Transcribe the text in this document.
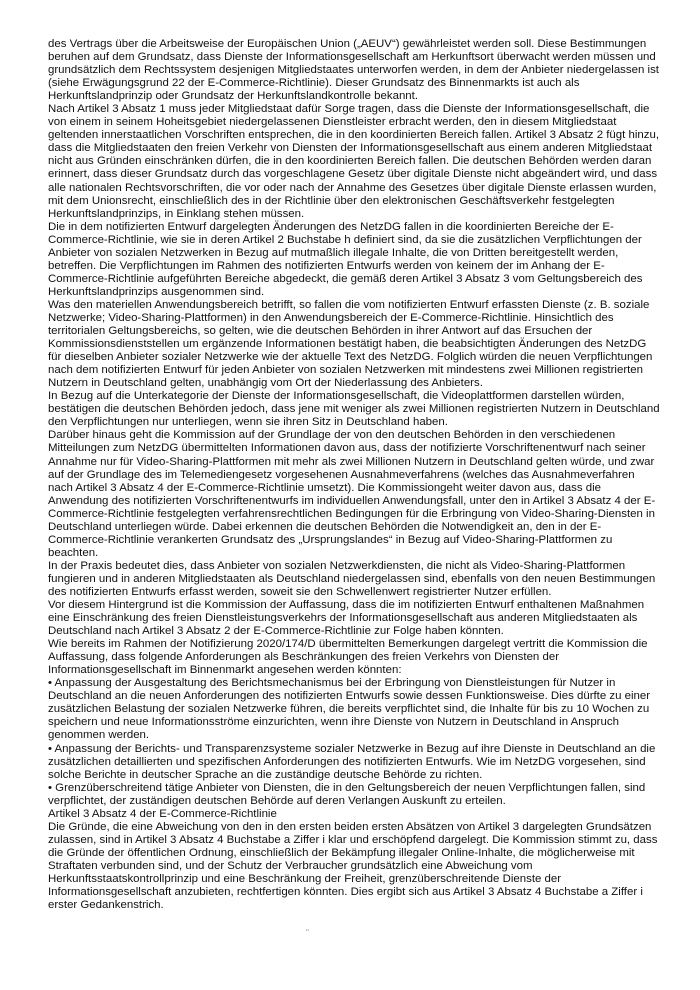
des Vertrags über die Arbeitsweise der Europäischen Union („AEUV“) gewährleistet werden soll. Diese Bestimmungen beruhen auf dem Grundsatz, dass Dienste der Informationsgesellschaft am Herkunftsort überwacht werden müssen und grundsätzlich dem Rechtssystem desjenigen Mitgliedstaates unterworfen werden, in dem der Anbieter niedergelassen ist (siehe Erwägungsgrund 22 der E-Commerce-Richtlinie). Dieser Grundsatz des Binnenmarkts ist auch als Herkunftslandprinzip oder Grundsatz der Herkunftslandkontrolle bekannt.

Nach Artikel 3 Absatz 1 muss jeder Mitgliedstaat dafür Sorge tragen, dass die Dienste der Informationsgesellschaft, die von einem in seinem Hoheitsgebiet niedergelassenen Dienstleister erbracht werden, den in diesem Mitgliedstaat geltenden innerstaatlichen Vorschriften entsprechen, die in den koordinierten Bereich fallen. Artikel 3 Absatz 2 fügt hinzu, dass die Mitgliedstaaten den freien Verkehr von Diensten der Informationsgesellschaft aus einem anderen Mitgliedstaat nicht aus Gründen einschränken dürfen, die in den koordinierten Bereich fallen. Die deutschen Behörden werden daran erinnert, dass dieser Grundsatz durch das vorgeschlagene Gesetz über digitale Dienste nicht abgeändert wird, und dass alle nationalen Rechtsvorschriften, die vor oder nach der Annahme des Gesetzes über digitale Dienste erlassen wurden, mit dem Unionsrecht, einschließlich des in der Richtlinie über den elektronischen Geschäftsverkehr festgelegten Herkunftslandprinzips, in Einklang stehen müssen.

Die in dem notifizierten Entwurf dargelegten Änderungen des NetzDG fallen in die koordinierten Bereiche der E-Commerce-Richtlinie, wie sie in deren Artikel 2 Buchstabe h definiert sind, da sie die zusätzlichen Verpflichtungen der Anbieter von sozialen Netzwerken in Bezug auf mutmaßlich illegale Inhalte, die von Dritten bereitgestellt werden, betreffen. Die Verpflichtungen im Rahmen des notifizierten Entwurfs werden von keinem der im Anhang der E-Commerce-Richtlinie aufgeführten Bereiche abgedeckt, die gemäß deren Artikel 3 Absatz 3 vom Geltungsbereich des Herkunftslandprinzips ausgenommen sind.

Was den materiellen Anwendungsbereich betrifft, so fallen die vom notifizierten Entwurf erfassten Dienste (z. B. soziale Netzwerke; Video-Sharing-Plattformen) in den Anwendungsbereich der E-Commerce-Richtlinie. Hinsichtlich des territorialen Geltungsbereichs, so gelten, wie die deutschen Behörden in ihrer Antwort auf das Ersuchen der Kommissionsdienststellen um ergänzende Informationen bestätigt haben, die beabsichtigten Änderungen des NetzDG für dieselben Anbieter sozialer Netzwerke wie der aktuelle Text des NetzDG. Folglich würden die neuen Verpflichtungen nach dem notifizierten Entwurf für jeden Anbieter von sozialen Netzwerken mit mindestens zwei Millionen registrierten Nutzern in Deutschland gelten, unabhängig vom Ort der Niederlassung des Anbieters.

In Bezug auf die Unterkategorie der Dienste der Informationsgesellschaft, die Videoplattformen darstellen würden, bestätigen die deutschen Behörden jedoch, dass jene mit weniger als zwei Millionen registrierten Nutzern in Deutschland den Verpflichtungen nur unterliegen, wenn sie ihren Sitz in Deutschland haben.

Darüber hinaus geht die Kommission auf der Grundlage der von den deutschen Behörden in den verschiedenen Mitteilungen zum NetzDG übermittelten Informationen davon aus, dass der notifizierte Vorschriftenentwurf nach seiner Annahme nur für Video-Sharing-Plattformen mit mehr als zwei Millionen Nutzern in Deutschland gelten würde, und zwar auf der Grundlage des im Telemediengesetz vorgesehenen Ausnahmeverfahrens (welches das Ausnahmeverfahren nach Artikel 3 Absatz 4 der E-Commerce-Richtlinie umsetzt). Die Kommissiongeht weiter davon aus, dass die Anwendung des notifizierten Vorschriftenentwurfs im individuellen Anwendungsfall, unter den in Artikel 3 Absatz 4 der E-Commerce-Richtlinie festgelegten verfahrensrechtlichen Bedingungen für die Erbringung von Video-Sharing-Diensten in Deutschland unterliegen würde. Dabei erkennen die deutschen Behörden die Notwendigkeit an, den in der E-Commerce-Richtlinie verankerten Grundsatz des „Ursprungslandes“ in Bezug auf Video-Sharing-Plattformen zu beachten.

In der Praxis bedeutet dies, dass Anbieter von sozialen Netzwerkdiensten, die nicht als Video-Sharing-Plattformen fungieren und in anderen Mitgliedstaaten als Deutschland niedergelassen sind, ebenfalls von den neuen Bestimmungen des notifizierten Entwurfs erfasst werden, soweit sie den Schwellenwert registrierter Nutzer erfüllen.

Vor diesem Hintergrund ist die Kommission der Auffassung, dass die im notifizierten Entwurf enthaltenen Maßnahmen eine Einschränkung des freien Dienstleistungsverkehrs der Informationsgesellschaft aus anderen Mitgliedstaaten als Deutschland nach Artikel 3 Absatz 2 der E-Commerce-Richtlinie zur Folge haben könnten.

Wie bereits im Rahmen der Notifizierung 2020/174/D übermittelten Bemerkungen dargelegt vertritt die Kommission die Auffassung, dass folgende Anforderungen als Beschränkungen des freien Verkehrs von Diensten der Informationsgesellschaft im Binnenmarkt angesehen werden könnten:

• Anpassung der Ausgestaltung des Berichtsmechanismus bei der Erbringung von Dienstleistungen für Nutzer in Deutschland an die neuen Anforderungen des notifizierten Entwurfs sowie dessen Funktionsweise. Dies dürfte zu einer zusätzlichen Belastung der sozialen Netzwerke führen, die bereits verpflichtet sind, die Inhalte für bis zu 10 Wochen zu speichern und neue Informationsströme einzurichten, wenn ihre Dienste von Nutzern in Deutschland in Anspruch genommen werden.

• Anpassung der Berichts- und Transparenzsysteme sozialer Netzwerke in Bezug auf ihre Dienste in Deutschland an die zusätzlichen detaillierten und spezifischen Anforderungen des notifizierten Entwurfs. Wie im NetzDG vorgesehen, sind solche Berichte in deutscher Sprache an die zuständige deutsche Behörde zu richten.

• Grenzüberschreitend tätige Anbieter von Diensten, die in den Geltungsbereich der neuen Verpflichtungen fallen, sind verpflichtet, der zuständigen deutschen Behörde auf deren Verlangen Auskunft zu erteilen.

Artikel 3 Absatz 4 der E-Commerce-Richtlinie

Die Gründe, die eine Abweichung von den in den ersten beiden ersten Absätzen von Artikel 3 dargelegten Grundsätzen zulassen, sind in Artikel 3 Absatz 4 Buchstabe a Ziffer i klar und erschöpfend dargelegt. Die Kommission stimmt zu, dass die Gründe der öffentlichen Ordnung, einschließlich der Bekämpfung illegaler Online-Inhalte, die möglicherweise mit Straftaten verbunden sind, und der Schutz der Verbraucher grundsätzlich eine Abweichung vom Herkunftsstaatskontrollprinzip und eine Beschränkung der Freiheit, grenzüberschreitende Dienste der Informationsgesellschaft anzubieten, rechtfertigen könnten. Dies ergibt sich aus Artikel 3 Absatz 4 Buchstabe a Ziffer i erster Gedankenstrich.

¨
